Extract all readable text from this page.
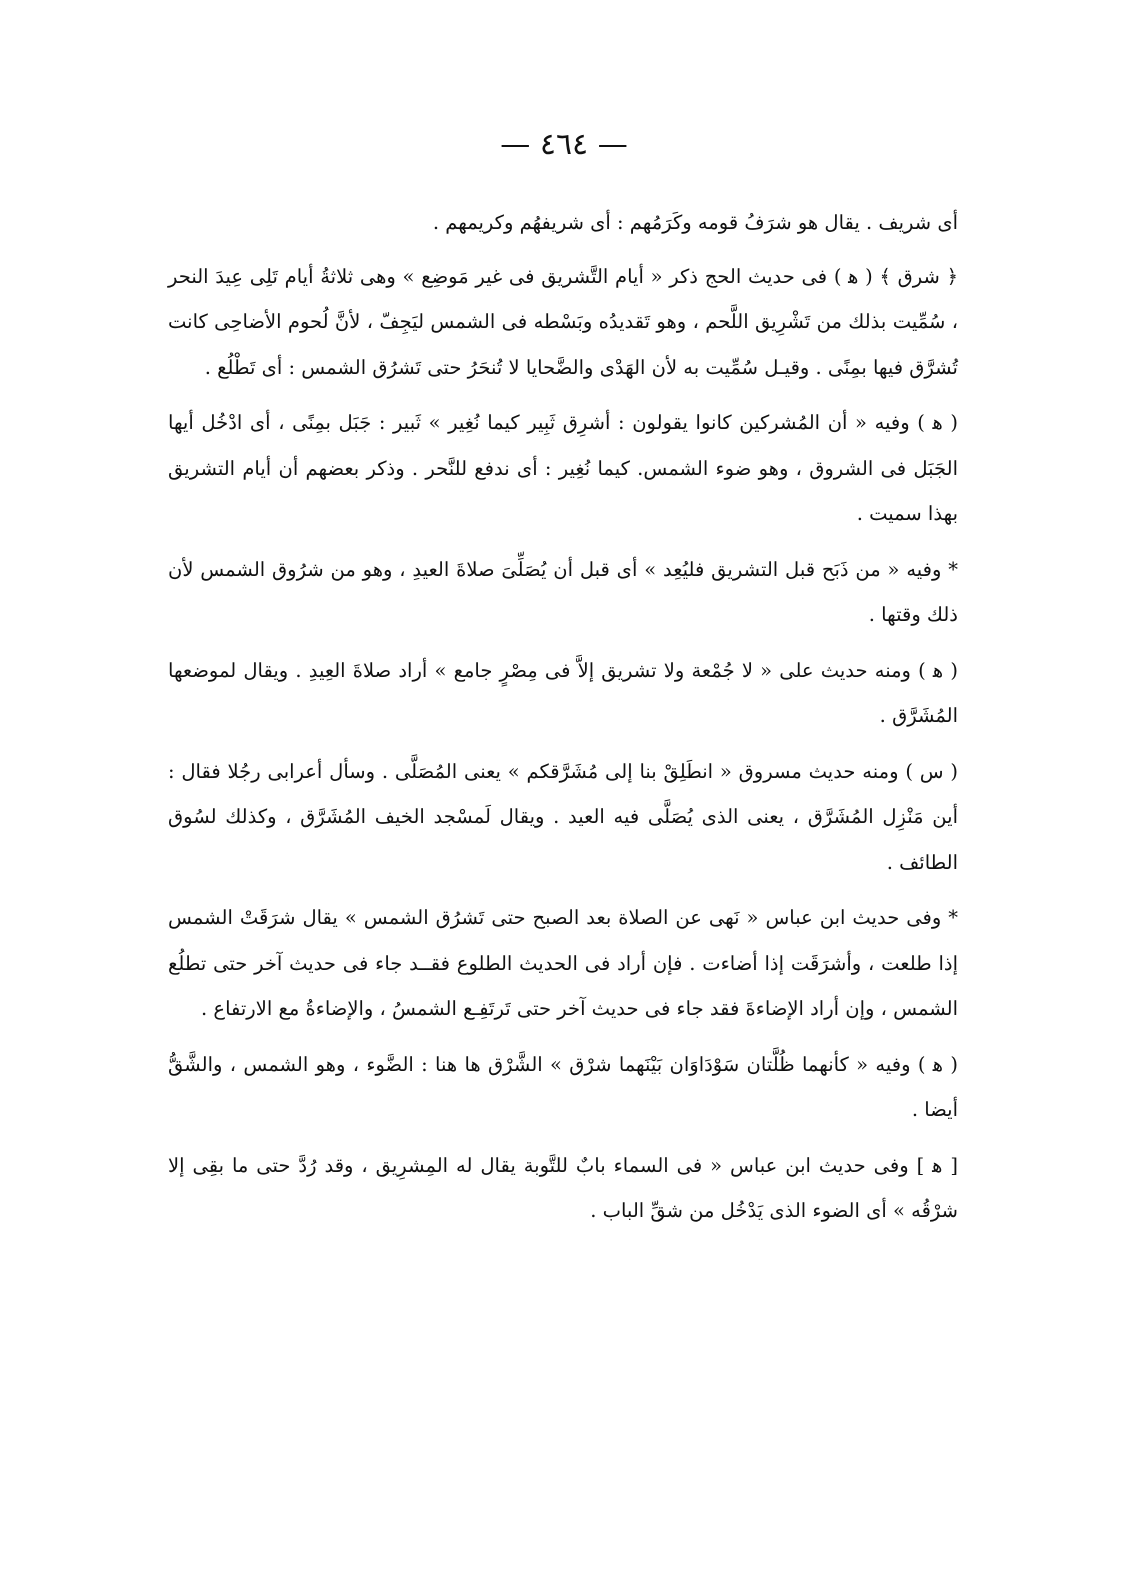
— ٤٦٤ —

أى شريف . يقال هو شرَفُ قومه وكَرَمُهم : أى شريفهُم وكريمهم .

﴿ شرق ﴾ ( ﻫ ) فى حديث الحج ذكر « أيام التَّشريق فى غير مَوضِع » وهى ثلاثةُ أيام تَلِى عِيدَ النحر ، سُمِّيت بذلك من تَشْرِيق اللَّحم ، وهو تَقديدُه وبَسْطه فى الشمس ليَجِفّ ، لأنَّ لُحوم الأضاحِى كانت تُشرَّق فيها بمِنًى . وقيـل سُمِّيت به لأن الهَدْى والضَّحايا لا تُنحَرُ حتى تَشرُق الشمس : أى تَطْلُع .

( ﻫ ) وفيه « أن المُشركين كانوا يقولون : أشرِق ثَبِير كيما نُغِير » ثَبير : جَبَل بمِنًى ، أى ادْخُل أيها الجَبَل فى الشروق ، وهو ضوء الشمس. كيما نُغِير : أى ندفع للنَّحر . وذكر بعضهم أن أيام التشريق بهذا سميت .

* وفيه « من ذَبَح قبل التشريق فليُعِد » أى قبل أن يُصَلِّىَ صلاةَ العيدِ ، وهو من شرُوق الشمس لأن ذلك وقتها .

( ﻫ ) ومنه حديث على « لا جُمْعة ولا تشريق إلاَّ فى مِصْرٍ جامع » أراد صلاةَ العِيدِ . ويقال لموضعها المُشَرَّق .

( س ) ومنه حديث مسروق « انطَلِقْ بنا إلى مُشَرَّقكم » يعنى المُصَلَّى . وسأل أعرابى رجُلا فقال : أين مَنْزِل المُشَرَّق ، يعنى الذى يُصَلَّى فيه العيد . ويقال لَمسْجد الخيف المُشَرَّق ، وكذلك لسُوق الطائف .

* وفى حديث ابن عباس « نَهى عن الصلاة بعد الصبح حتى تَشرُق الشمس » يقال شرَقَتْ الشمس إذا طلعت ، وأشرَقَت إذا أضاءت . فإن أراد فى الحديث الطلوع فقــد جاء فى حديث آخر حتى تطلُع الشمس ، وإن أراد الإضاءةَ فقد جاء فى حديث آخر حتى تَرتَفِـع الشمسُ ، والإضاءةُ مع الارتفاع .

( ﻫ ) وفيه « كأنهما ظُلَّتان سَوْدَاوَان بَيْنَهما شرْق » الشَّرْق ها هنا : الضَّوء ، وهو الشمس ، والشَّقُّ أيضا .

[ ﻫ ] وفى حديث ابن عباس « فى السماء بابٌ للتَّوبة يقال له المِشرِيق ، وقد رُدَّ حتى ما بقِى إلا شرْقُه » أى الضوء الذى يَدْخُل من شقِّ الباب .
